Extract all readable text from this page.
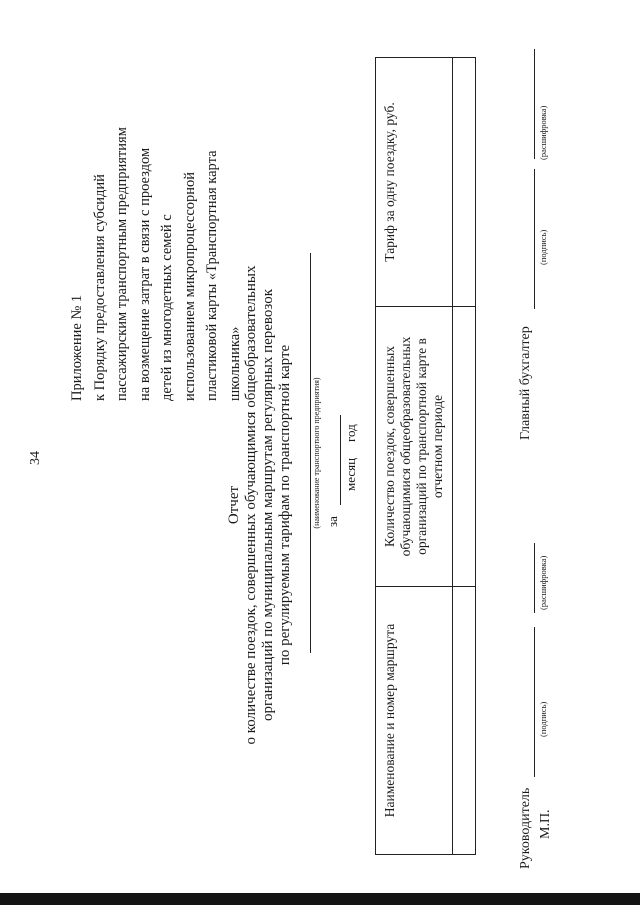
34
Приложение № 1 к Порядку предоставления субсидий пассажирским транспортным предприятиям на возмещение затрат в связи с проездом детей из многодетных семей с использованием микропроцессорной пластиковой карты «Транспортная карта школьника»
Отчет о количестве поездок, совершенных обучающимися общеобразовательных организаций по муниципальным маршрутам регулярных перевозок по регулируемым тарифам по транспортной карте (наименование транспортного предприятия) за
месяц
год
Наименование и номер маршрута	Количество поездок, совершенных обучающимися общеобразовательных организаций по транспортной карте в отчетном периоде	Тариф за одну поездку, руб.

Руководитель
(подпись)
(расшифровка)
М.П.
Главный бухгалтер
(подпись)
(расшифровка)
